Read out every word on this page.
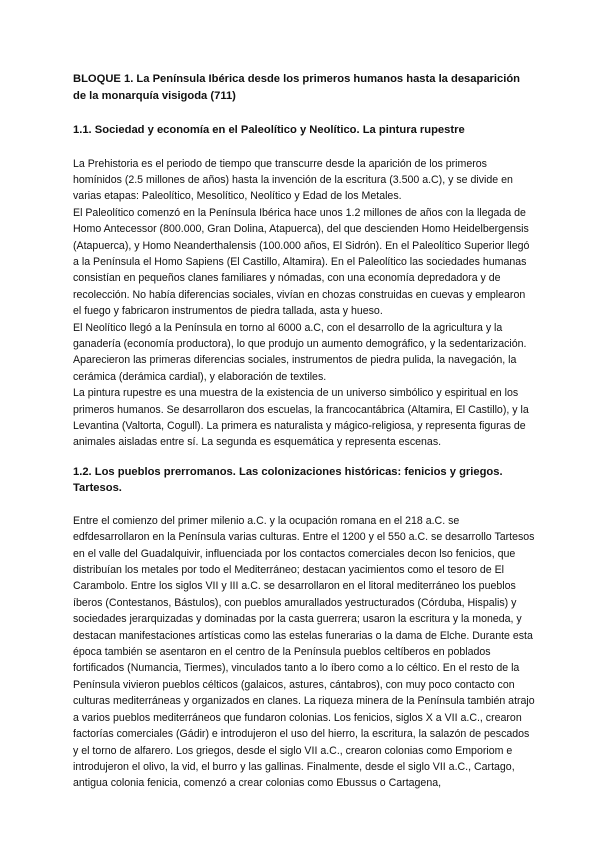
BLOQUE 1. La Península Ibérica desde los primeros humanos hasta la desaparición de la monarquía visigoda (711)

1.1. Sociedad y economía en el Paleolítico y Neolítico. La pintura rupestre

La Prehistoria es el periodo de tiempo que transcurre desde la aparición de los primeros homínidos (2.5 millones de años) hasta la invención de la escritura (3.500 a.C), y se divide en varias etapas: Paleolítico, Mesolítico, Neolítico y Edad de los Metales.

El Paleolítico comenzó en la Península Ibérica hace unos 1.2 millones de años con la llegada de Homo Antecessor (800.000, Gran Dolina, Atapuerca), del que descienden Homo Heidelbergensis (Atapuerca), y Homo Neanderthalensis (100.000 años, El Sidrón). En el Paleolítico Superior llegó a la Península el Homo Sapiens (El Castillo, Altamira). En el Paleolítico las sociedades humanas consistían en pequeños clanes familiares y nómadas, con una economía depredadora y de recolección. No había diferencias sociales, vivían en chozas construidas en cuevas y emplearon el fuego y fabricaron instrumentos de piedra tallada, asta y hueso.

El Neolítico llegó a la Península en torno al 6000 a.C, con el desarrollo de la agricultura y la ganadería (economía productora), lo que produjo un aumento demográfico, y la sedentarización. Aparecieron las primeras diferencias sociales, instrumentos de piedra pulida, la navegación, la cerámica (derámica cardial), y elaboración de textiles.

La pintura rupestre es una muestra de la existencia de un universo simbólico y espiritual en los primeros humanos. Se desarrollaron dos escuelas, la francocantábrica (Altamira, El Castillo), y la Levantina (Valtorta, Cogull). La primera es naturalista y mágico-religiosa, y representa figuras de animales aisladas entre sí. La segunda es esquemática y representa escenas.

1.2. Los pueblos prerromanos. Las colonizaciones históricas: fenicios y griegos. Tartesos.

Entre el comienzo del primer milenio a.C. y la ocupación romana en el 218 a.C. se edfdesarrollaron en la Península varias culturas. Entre el 1200 y el 550 a.C. se desarrollo Tartesos en el valle del Guadalquivir, influenciada por los contactos comerciales decon lso fenicios, que distribuían los metales por todo el Mediterráneo; destacan yacimientos como el tesoro de El Carambolo. Entre los siglos VII y III a.C. se desarrollaron en el litoral mediterráneo los pueblos íberos (Contestanos, Bástulos), con pueblos amurallados yestructurados (Córduba, Hispalis) y sociedades jerarquizadas y dominadas por la casta guerrera; usaron la escritura y la moneda, y destacan manifestaciones artísticas como las estelas funerarias o la dama de Elche. Durante esta época también se asentaron en el centro de la Península pueblos celtíberos en poblados fortificados (Numancia, Tiermes), vinculados tanto a lo íbero como a lo céltico. En el resto de la Península vivieron pueblos célticos (galaicos, astures, cántabros), con muy poco contacto con culturas mediterráneas y organizados en clanes. La riqueza minera de la Península también atrajo a varios pueblos mediterráneos que fundaron colonias. Los fenicios, siglos X a VII a.C., crearon factorías comerciales (Gádir) e introdujeron el uso del hierro, la escritura, la salazón de pescados y el torno de alfarero. Los griegos, desde el siglo VII a.C., crearon colonias como Emporiom e introdujeron el olivo, la vid, el burro y las gallinas. Finalmente, desde el siglo VII a.C., Cartago, antigua colonia fenicia, comenzó a crear colonias como Ebussus o Cartagena,
